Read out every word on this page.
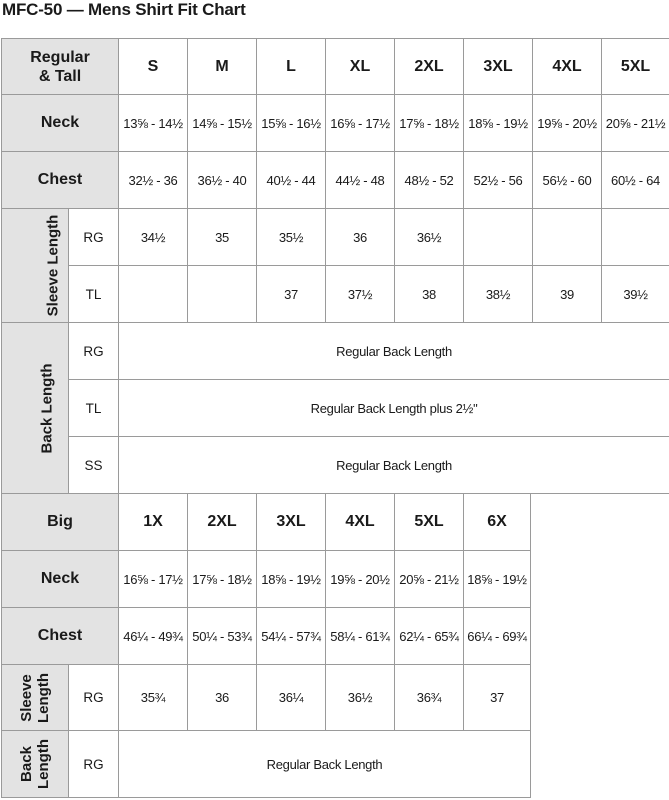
MFC-50 — Mens Shirt Fit Chart
Regular
& Tall		S	M	L	XL	2XL	3XL	4XL	5XL
Neck		13⅝ - 14½	14⅝ - 15½	15⅝ - 16½	16⅝ - 17½	17⅝ - 18½	18⅝ - 19½	19⅝ - 20½	20⅝ - 21½
Chest		32½ - 36	36½ - 40	40½ - 44	44½ - 48	48½ - 52	52½ - 56	56½ - 60	60½ - 64
Sleeve Length	RG	34½	35	35½	36	36½			
	TL			37	37½	38	38½	39	39½
Back Length	RG	Regular Back Length							
	TL	Regular Back Length plus 2½"							
	SS	Regular Back Length							
Big		1X	2XL	3XL	4XL	5XL	6X
Neck		16⅝ - 17½	17⅝ - 18½	18⅝ - 19½	19⅝ - 20½	20⅝ - 21½	18⅝ - 19½
Chest		46¼ - 49¾	50¼ - 53¾	54¼ - 57¾	58¼ - 61¾	62¼ - 65¾	66¼ - 69¾

Sleeve Length	RG	35¾	36	36¼	36½	36¾	37

Back Length	RG	Regular Back Length					
